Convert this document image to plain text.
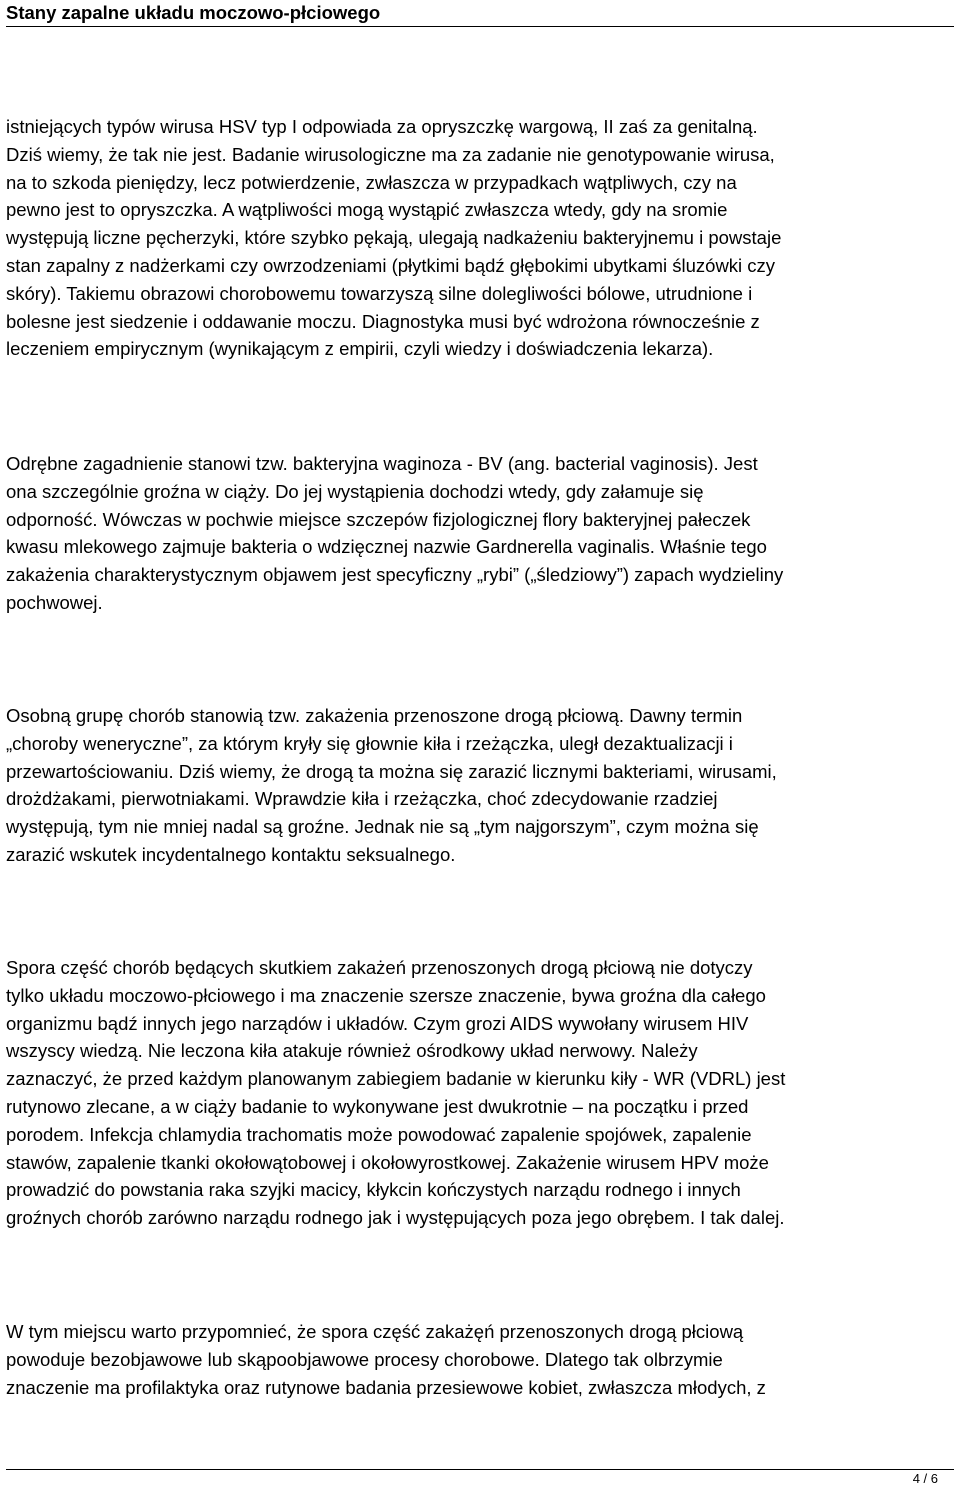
Stany zapalne układu moczowo-płciowego
istniejących typów wirusa HSV typ I odpowiada za opryszczkę wargową, II zaś za genitalną.
Dziś wiemy, że tak nie jest. Badanie wirusologiczne ma za zadanie nie genotypowanie wirusa,
na to szkoda pieniędzy, lecz potwierdzenie, zwłaszcza w przypadkach wątpliwych, czy na
pewno jest to opryszczka. A wątpliwości mogą wystąpić zwłaszcza wtedy, gdy na sromie
występują liczne pęcherzyki, które szybko pękają, ulegają nadkażeniu bakteryjnemu i powstaje
stan zapalny z nadżerkami czy owrzodzeniami (płytkimi bądź głębokimi ubytkami śluzówki czy
skóry). Takiemu obrazowi chorobowemu towarzyszą silne dolegliwości bólowe, utrudnione i
bolesne jest siedzenie i oddawanie moczu. Diagnostyka musi być wdrożona równocześnie z
leczeniem empirycznym (wynikającym z empirii, czyli wiedzy i doświadczenia lekarza).
Odrębne zagadnienie stanowi tzw. bakteryjna waginoza - BV (ang. bacterial vaginosis). Jest
ona szczególnie groźna w ciąży. Do jej wystąpienia dochodzi wtedy, gdy załamuje się
odporność. Wówczas w pochwie miejsce szczepów fizjologicznej flory bakteryjnej pałeczek
kwasu mlekowego zajmuje bakteria o wdzięcznej nazwie Gardnerella vaginalis. Właśnie tego
zakażenia charakterystycznym objawem jest specyficzny „rybi” („śledziowy”) zapach wydzieliny
pochwowej.
Osobną grupę chorób stanowią tzw. zakażenia przenoszone drogą płciową. Dawny termin
„choroby weneryczne”, za którym kryły się głownie kiła i rzeżączka, uległ dezaktualizacji i
przewartościowaniu. Dziś wiemy, że drogą ta można się zarazić licznymi bakteriami, wirusami,
drożdżakami, pierwotniakami. Wprawdzie kiła i rzeżączka, choć zdecydowanie rzadziej
występują, tym nie mniej nadal są groźne. Jednak nie są „tym najgorszym”, czym można się
zarazić wskutek incydentalnego kontaktu seksualnego.
Spora część chorób będących skutkiem zakażeń przenoszonych drogą płciową nie dotyczy
tylko układu moczowo-płciowego i ma znaczenie szersze znaczenie, bywa groźna dla całego
organizmu bądź innych jego narządów i układów. Czym grozi AIDS wywołany wirusem HIV
wszyscy wiedzą. Nie leczona kiła atakuje również ośrodkowy układ nerwowy. Należy
zaznaczyć, że przed każdym planowanym zabiegiem badanie w kierunku kiły - WR (VDRL) jest
rutynowo zlecane, a w ciąży badanie to wykonywane jest dwukrotnie – na początku i przed
porodem. Infekcja chlamydia trachomatis może powodować zapalenie spojówek, zapalenie
stawów, zapalenie tkanki okołowątobowej i okołowyrostkowej. Zakażenie wirusem HPV może
prowadzić do powstania raka szyjki macicy, kłykcin kończystych narządu rodnego i innych
groźnych chorób zarówno narządu rodnego jak i występujących poza jego obrębem. I tak dalej.
W tym miejscu warto przypomnieć, że spora część zakażęń przenoszonych drogą płciową
powoduje bezobjawowe lub skąpoobjawowe procesy chorobowe. Dlatego tak olbrzymie
znaczenie ma profilaktyka oraz rutynowe badania przesiewowe kobiet, zwłaszcza młodych, z
4 / 6
